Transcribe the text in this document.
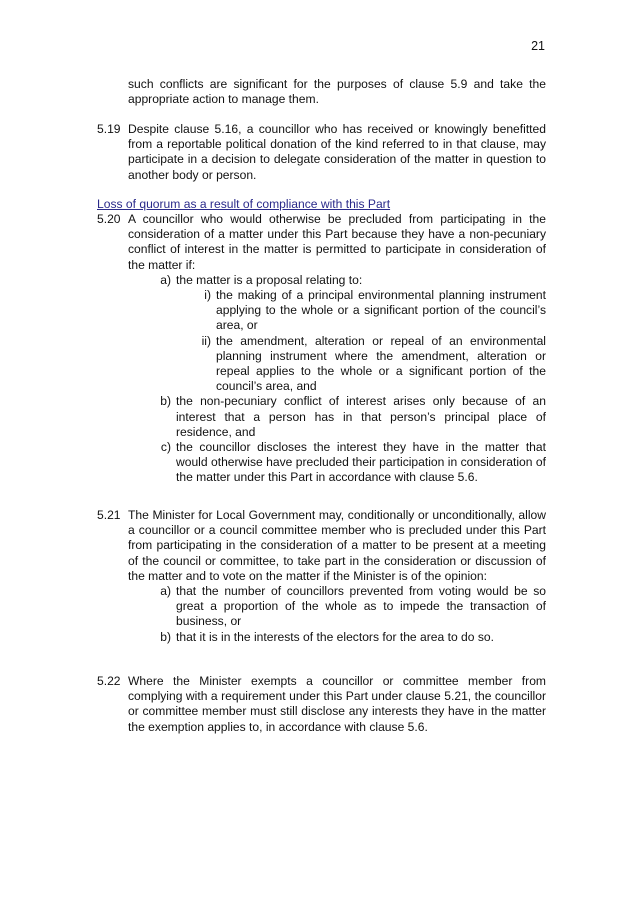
21

such conflicts are significant for the purposes of clause 5.9 and take the appropriate action to manage them.

5.19 Despite clause 5.16, a councillor who has received or knowingly benefitted from a reportable political donation of the kind referred to in that clause, may participate in a decision to delegate consideration of the matter in question to another body or person.
Loss of quorum as a result of compliance with this Part
5.20 A councillor who would otherwise be precluded from participating in the consideration of a matter under this Part because they have a non-pecuniary conflict of interest in the matter is permitted to participate in consideration of the matter if:
a) the matter is a proposal relating to:
i) the making of a principal environmental planning instrument applying to the whole or a significant portion of the council’s area, or
ii) the amendment, alteration or repeal of an environmental planning instrument where the amendment, alteration or repeal applies to the whole or a significant portion of the council’s area, and
b) the non-pecuniary conflict of interest arises only because of an interest that a person has in that person’s principal place of residence, and
c) the councillor discloses the interest they have in the matter that would otherwise have precluded their participation in consideration of the matter under this Part in accordance with clause 5.6.
5.21 The Minister for Local Government may, conditionally or unconditionally, allow a councillor or a council committee member who is precluded under this Part from participating in the consideration of a matter to be present at a meeting of the council or committee, to take part in the consideration or discussion of the matter and to vote on the matter if the Minister is of the opinion:
a) that the number of councillors prevented from voting would be so great a proportion of the whole as to impede the transaction of business, or
b) that it is in the interests of the electors for the area to do so.
5.22 Where the Minister exempts a councillor or committee member from complying with a requirement under this Part under clause 5.21, the councillor or committee member must still disclose any interests they have in the matter the exemption applies to, in accordance with clause 5.6.
